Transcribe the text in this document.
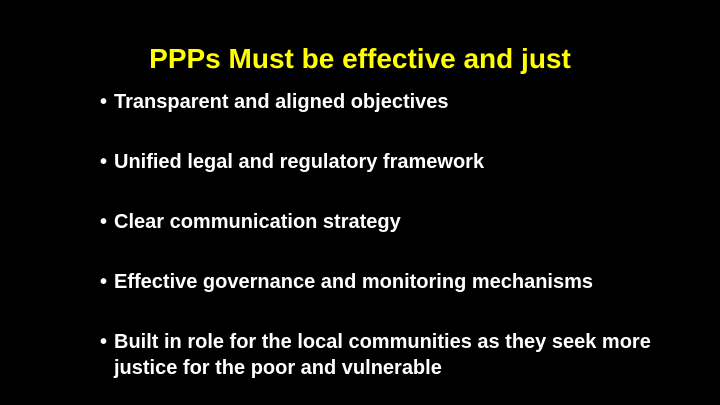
PPPs Must be effective and just
• Transparent and aligned objectives
• Unified legal and regulatory framework
• Clear communication strategy
• Effective governance and monitoring mechanisms
• Built in role for the local communities as they seek more justice for the poor and vulnerable
